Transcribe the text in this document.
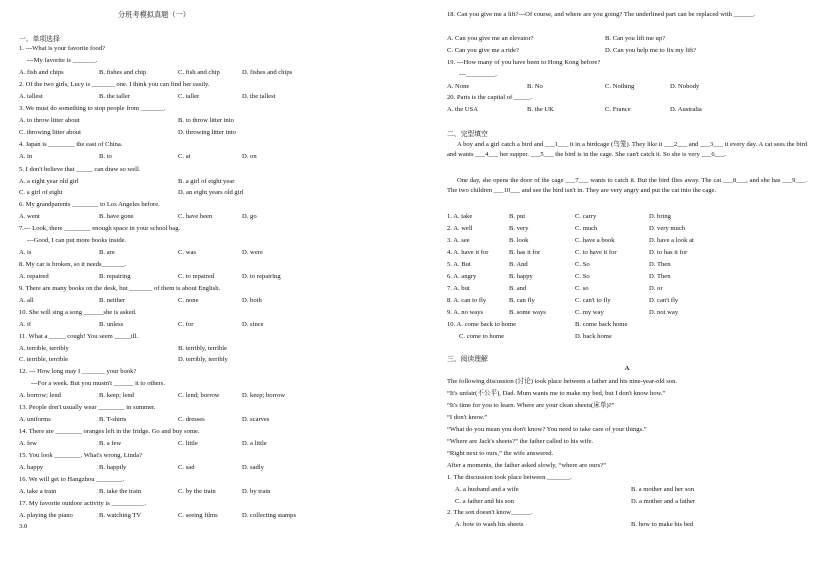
分班考模拟真题（一）
一、单项选择
1. ---What is your favorite food?
---My favorite is _______.
A. fish and chips	B. fishes and chip	C. fish and chip	D. fishes and chips
2. Of the two girls, Lucy is _______ one. I think you can find her easily.
A. tallest	B. the taller	C. taller	D. the tallest
3. We must do something to stop people from _______.
A. to throw litter about	B. to throw litter into
C. throwing litter about	D. throwing litter into
4. Japan is ________ the east of China.
A. in	B. to	C. at	D. on
5. I don't believe that _____ can draw so well.
A. a eight year old girl	B. a girl of eight year
C. a girl of eight	D. an eight years old girl
6. My grandparents ________ to Los Angeles before.
A. went	B. have gone	C. have been	D. go
7.--- Look, there ________ enough space in your school bag.
---Good, I can put more books inside.
A. is	B. are	C. was	D. were
8. My car is broken, so it needs_______.
A. repaired	B. repairing	C. to repaired	D. to repairing
9. There are many books on the desk, but _______ of them is about English.
A. all	B. neither	C. none	D. both
10. She will sing a song ______she is asked.
A. if	B. unless	C. for	D. since
11. What a _____ cough! You seem _____ill.
A. terrible, terribly	B. terribly, terrible
C. terrible, terrible	D. terribly, terribly
12. --- How long may I _______ your book?
---For a week. But you mustn't ______ it to others.
A. borrow; lend	B. keep; lend	C. lend; borrow	D. keep; borrow
13. People don't usually wear ________ in summer.
A. uniforms	B. T-shirts	C. dresses	D. scarves
14. There are ________ oranges left in the fridge. Go and buy some.
A. few	B. a few	C. little	D. a little
15. You look ________. What's wrong, Linda?
A. happy	B. happily	C. sad	D. sadly
16. We will get to Hangzhou ________.
A. take a train	B. take the train	C. by the train	D. by train
17. My favorite outdoor activity is __________.
A. playing the piano	B. watching TV	C. seeing films	D. collecting stamps
3.0
18. Can you give me a lift?---Of course, and where are you going? The underlined part can be replaced with ______.
A. Can you give me an elevator?	B. Can you lift me up?
C. Can you give me a ride?	D. Can you help me to fix my lift?
19. ---How many of you have been to Hong Kong before?
---_________.
A. None	B. No	C. Nothing	D. Nobody
20. Paris is the capital of _____.
A. the USA	B. the UK	C. France	D. Australia
二、完型填空
A boy and a girl catch a bird and ___1___ it in a birdcage (鸟笼). They like it ___2___ and ___3___ it every day. A cat sees the bird and wants ___4___ her supper. ___5___ the bird is in the cage. She can't catch it. So she is very ___6___.
One day, she opens the door of the cage ___7___ wants to catch it. But the bird flies away. The cat ___8___, and she has ___9___. The two children ___10___ and see the bird isn't in. They are very angry and put the cat into the cage.
1. A. take	B. put	C. carry	D. bring
2. A. well	B. very	C. much	D. very much
3. A. see	B. look	C. have a book	D. have a look at
4. A. have it for	B. has it for	C. to have it for	D. to has it for
5. A. But	B. And	C. So	D. Then
6. A. angry	B. happy	C. So	D. Then
7. A. but	B. and	C. so	D. or
8. A. can to fly	B. can fly	C. can't to fly	D. can't fly
9. A. no ways	B. some ways	C. my way	D. not way
10. A. come back to home	B. come back home
C. come to home	D. back home
三、阅读理解
A
The following discussion (讨论) took place between a father and his nine-year-old son.
“It's unfair(不公平), Dad. Mum wants me to make my bed, but I don't know how.”
“It's time for you to learn. Where are your clean sheets(床单)?”
“I don't know.”
“What do you mean you don't know? You need to take care of your things.”
“Where are Jack's sheets?” the father called to his wife.
“Right next to ours,” the wife answered.
After a moments, the father asked slowly, “where are ours?”
1. The discussion took place between _______.
A. a husband and a wife	B. a mother and her son
C. a father and his son	D. a mother and a father
2. The son doesn't know______.
A. how to wash his sheets	B. how to make his bed
